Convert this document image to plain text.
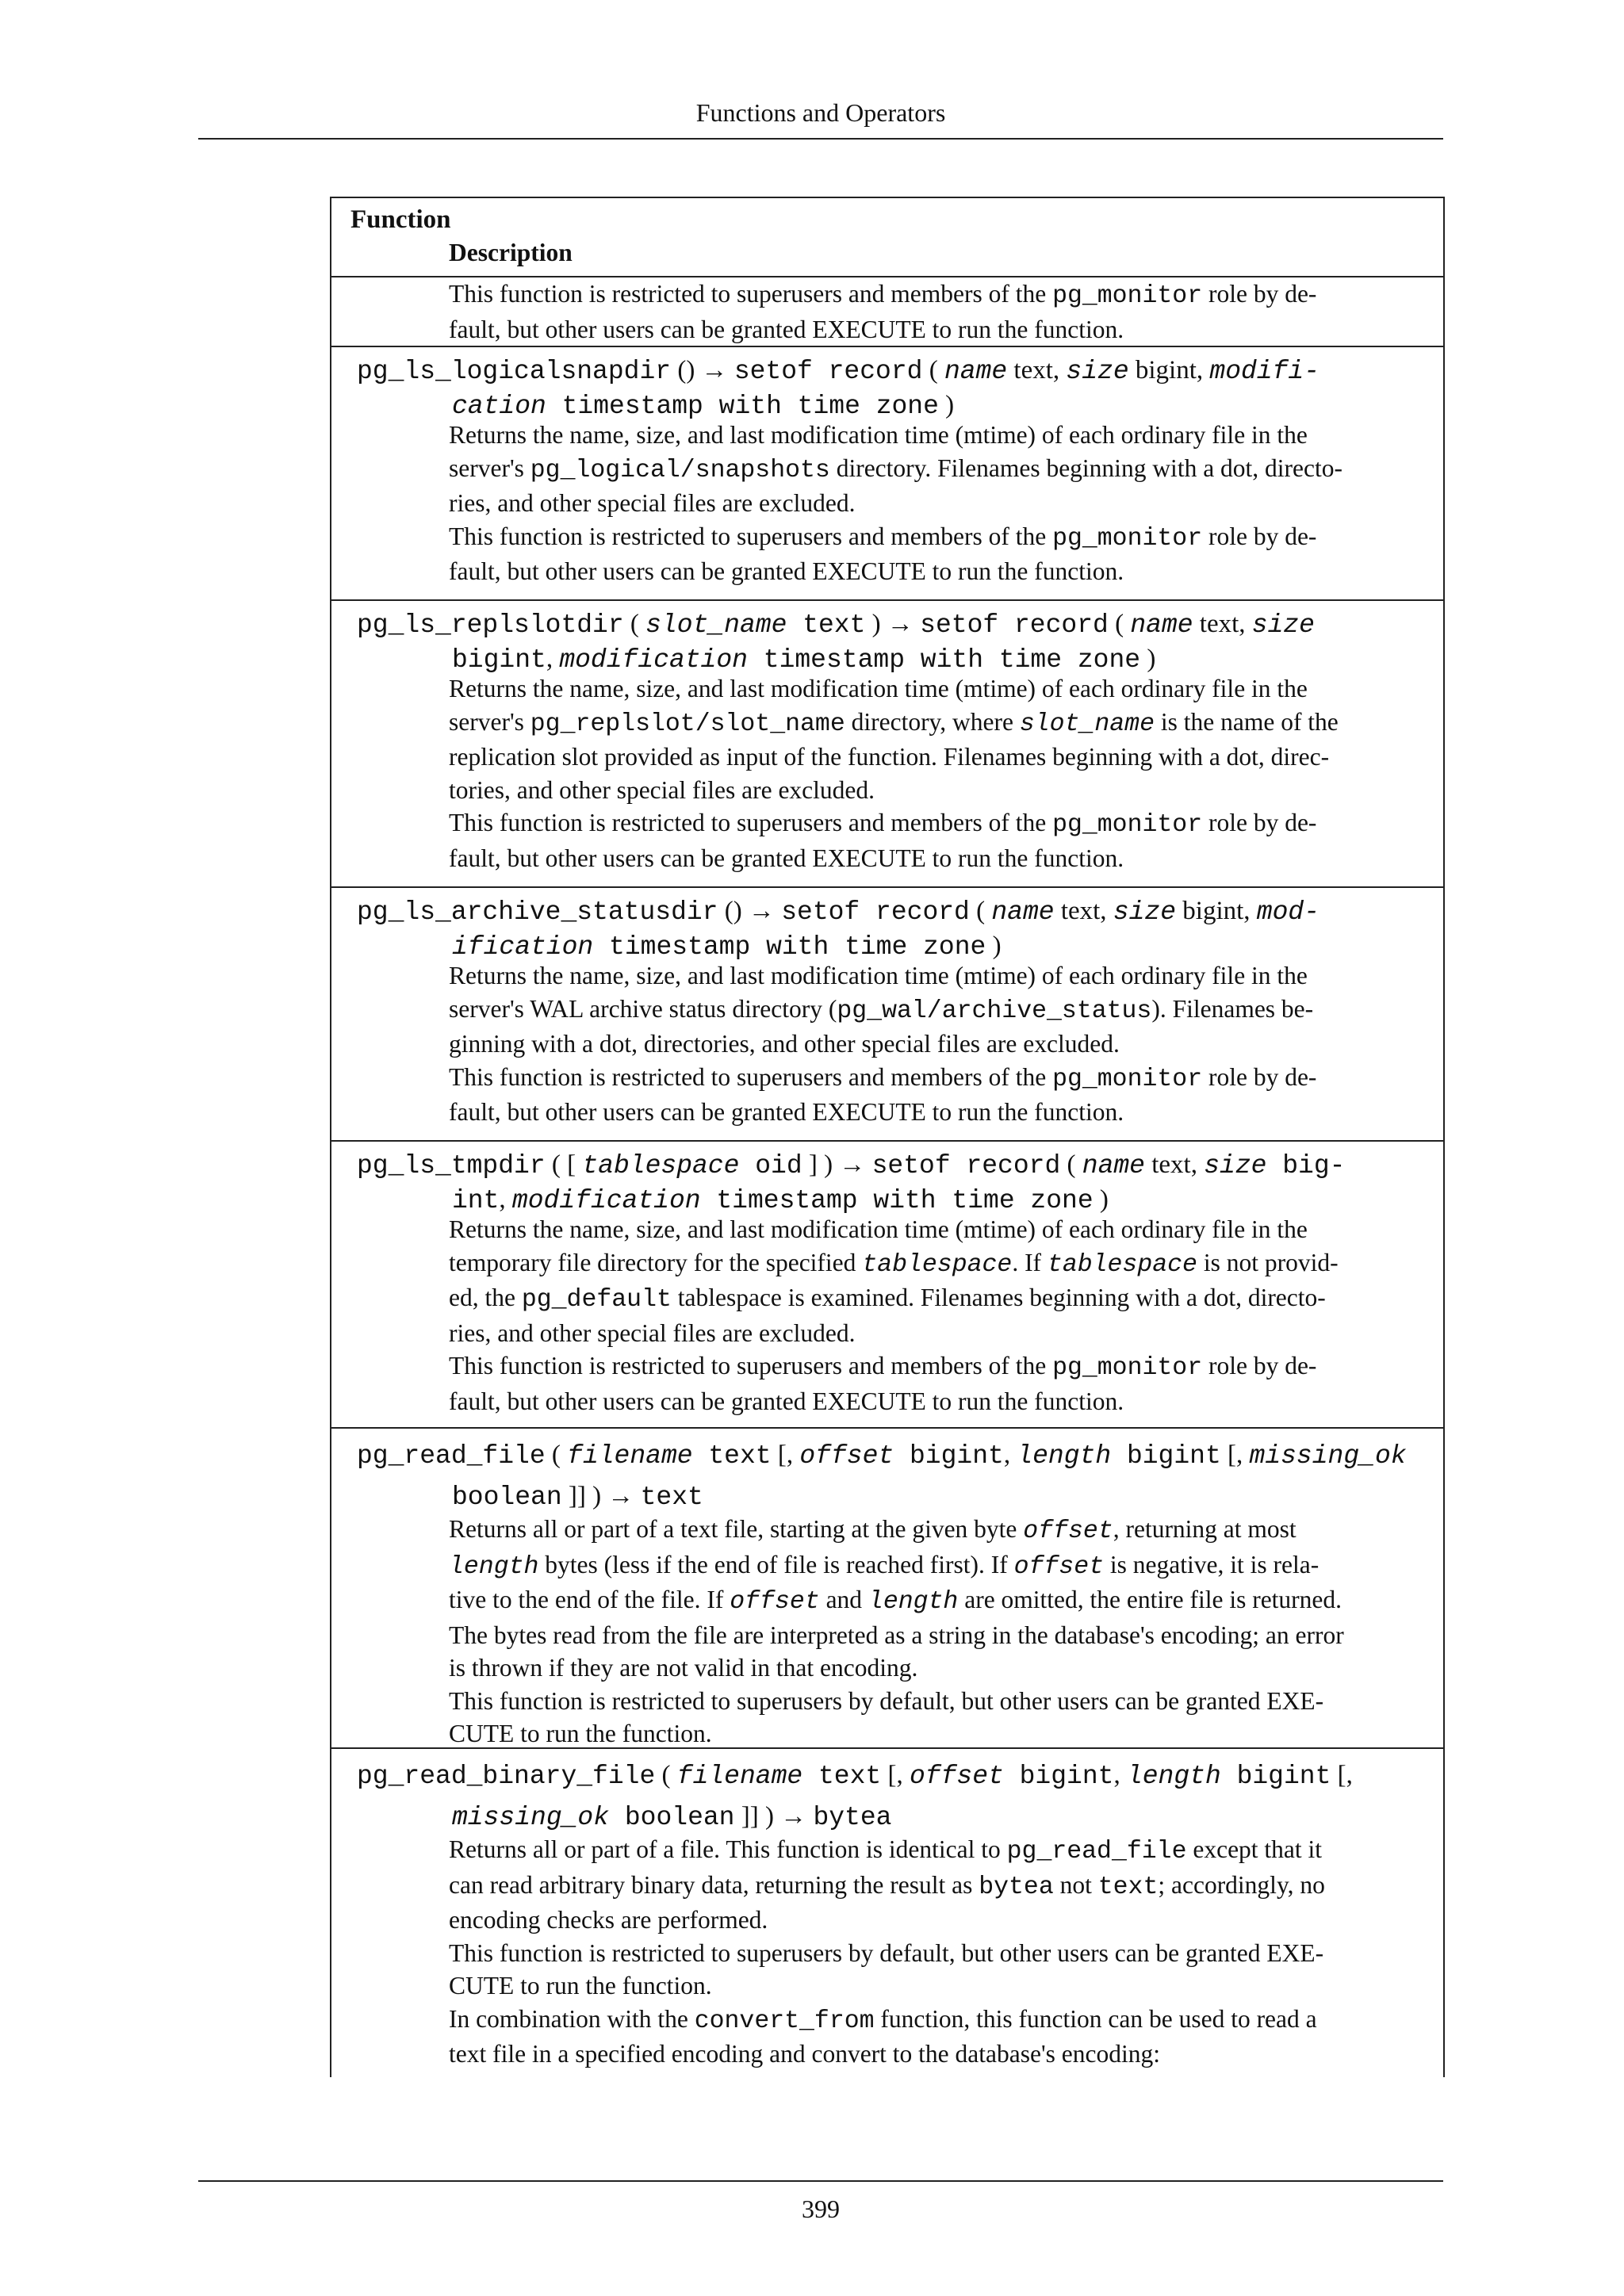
Functions and Operators
Function
Description
This function is restricted to superusers and members of the pg_monitor role by de-
fault, but other users can be granted EXECUTE to run the function.
pg_ls_logicalsnapdir () → setof record ( name text, size bigint, modifi-
cation timestamp with time zone )
Returns the name, size, and last modification time (mtime) of each ordinary file in the
server's pg_logical/snapshots directory. Filenames beginning with a dot, directo-
ries, and other special files are excluded.
This function is restricted to superusers and members of the pg_monitor role by de-
fault, but other users can be granted EXECUTE to run the function.
pg_ls_replslotdir ( slot_name text ) → setof record ( name text, size
bigint, modification timestamp with time zone )
Returns the name, size, and last modification time (mtime) of each ordinary file in the
server's pg_replslot/slot_name directory, where slot_name is the name of the
replication slot provided as input of the function. Filenames beginning with a dot, direc-
tories, and other special files are excluded.
This function is restricted to superusers and members of the pg_monitor role by de-
fault, but other users can be granted EXECUTE to run the function.
pg_ls_archive_statusdir () → setof record ( name text, size bigint, mod-
ification timestamp with time zone )
Returns the name, size, and last modification time (mtime) of each ordinary file in the
server's WAL archive status directory (pg_wal/archive_status). Filenames be-
ginning with a dot, directories, and other special files are excluded.
This function is restricted to superusers and members of the pg_monitor role by de-
fault, but other users can be granted EXECUTE to run the function.
pg_ls_tmpdir ( [ tablespace oid ] ) → setof record ( name text, size big-
int, modification timestamp with time zone )
Returns the name, size, and last modification time (mtime) of each ordinary file in the
temporary file directory for the specified tablespace. If tablespace is not provid-
ed, the pg_default tablespace is examined. Filenames beginning with a dot, directo-
ries, and other special files are excluded.
This function is restricted to superusers and members of the pg_monitor role by de-
fault, but other users can be granted EXECUTE to run the function.
pg_read_file ( filename text [, offset bigint, length bigint [, missing_ok
boolean ]] ) → text
Returns all or part of a text file, starting at the given byte offset, returning at most
length bytes (less if the end of file is reached first). If offset is negative, it is rela-
tive to the end of the file. If offset and length are omitted, the entire file is returned.
The bytes read from the file are interpreted as a string in the database's encoding; an error
is thrown if they are not valid in that encoding.
This function is restricted to superusers by default, but other users can be granted EXE-
CUTE to run the function.
pg_read_binary_file ( filename text [, offset bigint, length bigint [,
missing_ok boolean ]] ) → bytea
Returns all or part of a file. This function is identical to pg_read_file except that it
can read arbitrary binary data, returning the result as bytea not text; accordingly, no
encoding checks are performed.
This function is restricted to superusers by default, but other users can be granted EXE-
CUTE to run the function.
In combination with the convert_from function, this function can be used to read a
text file in a specified encoding and convert to the database's encoding:
399
